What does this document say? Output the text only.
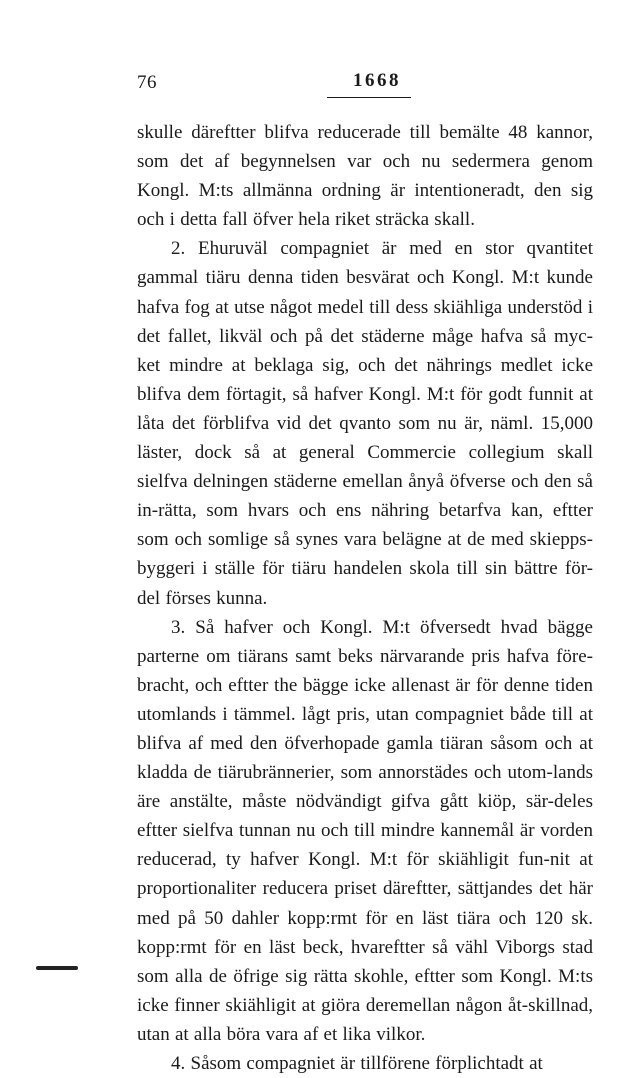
76	1668

skulle däreftter blifva reducerade till bemälte 48 kannor, som det af begynnelsen var och nu sedermera genom Kongl. M:ts allmänna ordning är intentioneradt, den sig och i detta fall öfver hela riket sträcka skall.

2. Ehuruväl compagniet är med en stor qvantitet gammal tiäru denna tiden besvärat och Kongl. M:t kunde hafva fog at utse något medel till dess skiähliga understöd i det fallet, likväl och på det städerne måge hafva så myc-ket mindre at beklaga sig, och det nährings medlet icke blifva dem förtagit, så hafver Kongl. M:t för godt funnit at låta det förblifva vid det qvanto som nu är, näml. 15,000 läster, dock så at general Commercie collegium skall sielfva delningen städerne emellan ånyå öfverse och den så in-rätta, som hvars och ens nähring betarfva kan, eftter som och somlige så synes vara belägne at de med skiepps-byggeri i ställe för tiäru handelen skola till sin bättre för-del förses kunna.

3. Så hafver och Kongl. M:t öfversedt hvad bägge parterne om tiärans samt beks närvarande pris hafva före-bracht, och eftter the bägge icke allenast är för denne tiden utomlands i tämmel. lågt pris, utan compagniet både till at blifva af med den öfverhopade gamla tiäran såsom och at kladda de tiärubrännerier, som annorstädes och utom-lands äre anstälte, måste nödvändigt gifva gått kiöp, sär-deles eftter sielfva tunnan nu och till mindre kannemål är vorden reducerad, ty hafver Kongl. M:t för skiähligit fun-nit at proportionaliter reducera priset däreftter, sättjandes det här med på 50 dahler kopp:rmt för en läst tiära och 120 sk. kopp:rmt för en läst beck, hvareftter så vähl Viborgs stad som alla de öfrige sig rätta skohle, eftter som Kongl. M:ts icke finner skiähligit at giöra deremellan någon åt-skillnad, utan at alla böra vara af et lika vilkor.

4. Såsom compagniet är tillförene förplichtadt at
